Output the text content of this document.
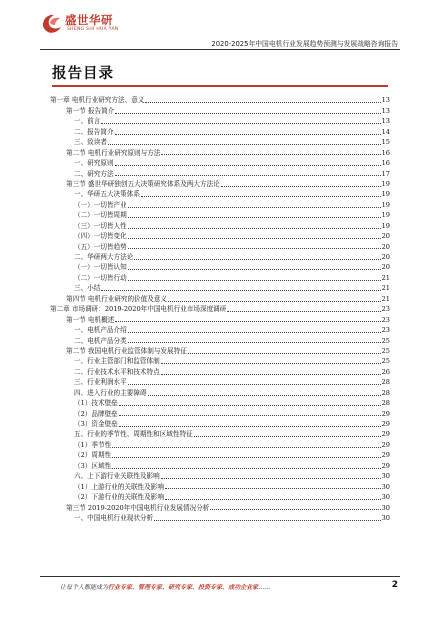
盛世华研
SHENG SHI HUA YAN
2020-2025年中国电机行业发展趋势预测与发展战略咨询报告
报告目录
第一章 电机行业研究方法、意义	13
第一节 报告简介	13
一、前言	13
二、报告简介	14
三、致读者	15
第二节 电机行业研究原则与方法	16
一、研究原则	16
二、研究方法	17
第三节 盛世华研独创五大决策研究体系及两大方法论	19
一、华研五大决策体系	19
（一）一切皆产业	19
（二）一切皆周期	19
（三）一切皆人性	19
（四）一切皆变化	20
（五）一切皆趋势	20
二、华研两大方法论	20
（一）一切皆认知	20
（二）一切皆行动	21
三、小结	21
第四节 电机行业研究的价值及意义	21
第二章 市场调研：2019-2020年中国电机行业市场深度调研	23
第一节 电机概述	23
一、电机产品介绍	23
二、电机产品分类	25
第二节 我国电机行业监管体制与发展特征	25
一、行业主管部门和监管体制	25
二、行业技术水平和技术特点	26
三、行业利润水平	28
四、进入行业的主要障碍	28
（1）技术壁垒	28
（2）品牌壁垒	29
（3）资金壁垒	29
五、行业的季节性、周期性和区域性特征	29
（1）季节性	29
（2）周期性	29
（3）区域性	29
六、上下游行业关联性及影响	30
（1）上游行业的关联性及影响	30
（2）下游行业的关联性及影响	30
第三节 2019-2020年中国电机行业发展情况分析	30
一、中国电机行业现状分析	30
让每个人都能成为行业专家、管理专家、研究专家、投资专家、成功企业家……	2
